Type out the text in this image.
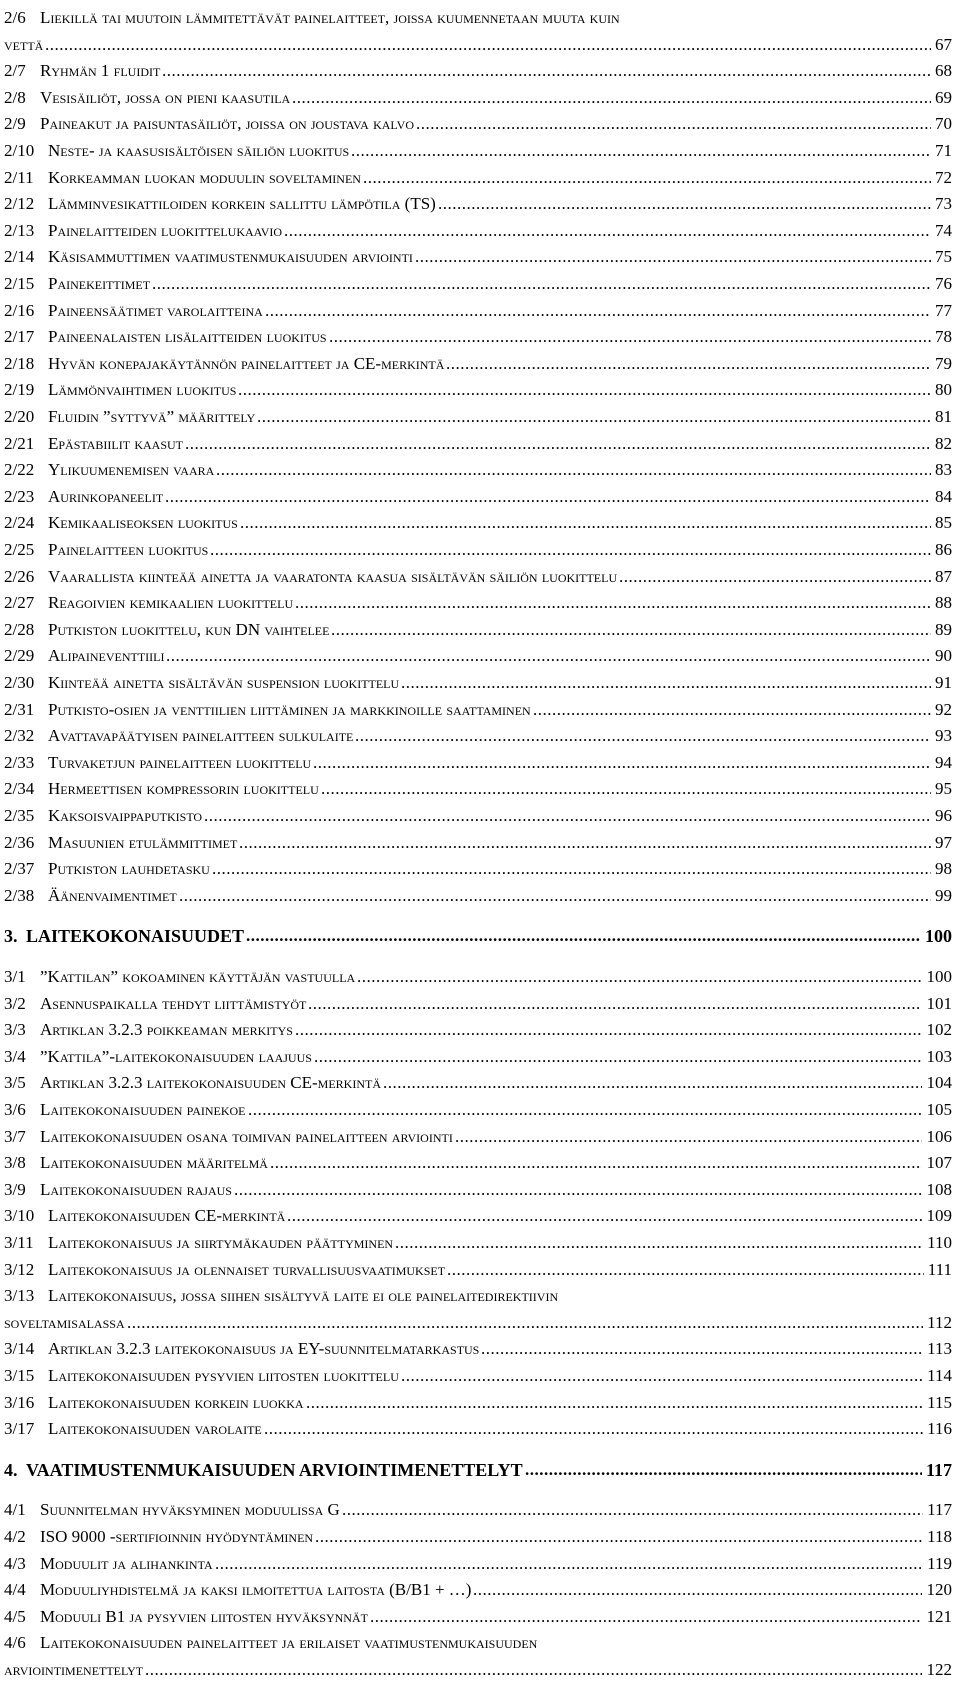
2/6 Liekillä tai muutoin lämmitettävät painelaitteet, joissa kuumennetaan muuta kuin
vettä .....	67
2/7 Ryhmän 1 fluidit .....	68
2/8 Vesisäiliöt, jossa on pieni kaasutila .....	69
2/9 Paineakut ja paisuntasäiliöt, joissa on joustava kalvo .....	70
2/10 Neste- ja kaasusisältöisen säiliön luokitus .....	71
2/11 Korkeamman luokan moduulin soveltaminen .....	72
2/12 Lämminvesikattiloiden korkein sallittu lämpötila (TS) .....	73
2/13 Painelaitteiden luokittelukaavio .....	74
2/14 Käsisammuttimen vaatimustenmukaisuuden arviointi .....	75
2/15 Painekeittimet .....	76
2/16 Paineensäätimet varolaitteina .....	77
2/17 Paineenalaisten lisälaitteiden luokitus .....	78
2/18 Hyvän konepajakäytännön painelaitteet ja CE-merkintä .....	79
2/19 Lämmönvaihtimen luokitus .....	80
2/20 Fluidin ”syttyvä” määrittely .....	81
2/21 Epästabiilit kaasut .....	82
2/22 Ylikuumenemisen vaara .....	83
2/23 Aurinkopaneelit .....	84
2/24 Kemikaaliseoksen luokitus .....	85
2/25 Painelaitteen luokitus .....	86
2/26 Vaarallista kiinteää ainetta ja vaaratonta kaasua sisältävän säiliön luokittelu .....	87
2/27 Reagoivien kemikaalien luokittelu .....	88
2/28 Putkiston luokittelu, kun DN vaihtelee .....	89
2/29 Alipaineventtiili .....	90
2/30 Kiinteää ainetta sisältävän suspension luokittelu .....	91
2/31 Putkisto-osien ja venttiilien liittäminen ja markkinoille saattaminen .....	92
2/32 Avattavapäätyisen painelaitteen sulkulaite .....	93
2/33 Turvaketjun painelaitteen luokittelu .....	94
2/34 Hermeettisen kompressorin luokittelu .....	95
2/35 Kaksoisvaippaputkisto .....	96
2/36 Masuunien etulämmittimet .....	97
2/37 Putkiston lauhdetasku .....	98
2/38 Äänenvaimentimet .....	99
3. LAITEKOKONAISUUDET .....	100
3/1 ”Kattilan” kokoaminen käyttäjän vastuulla .....	100
3/2 Asennuspaikalla tehdyt liittämistyöt .....	101
3/3 Artiklan 3.2.3 poikkeaman merkitys .....	102
3/4 ”Kattila”-laitekokonaisuuden laajuus .....	103
3/5 Artiklan 3.2.3 laitekokonaisuuden CE-merkintä .....	104
3/6 Laitekokonaisuuden painekoe .....	105
3/7 Laitekokonaisuuden osana toimivan painelaitteen arviointi .....	106
3/8 Laitekokonaisuuden määritelmä .....	107
3/9 Laitekokonaisuuden rajaus .....	108
3/10 Laitekokonaisuuden CE-merkintä .....	109
3/11 Laitekokonaisuus ja siirtymäkauden päättyminen .....	110
3/12 Laitekokonaisuus ja olennaiset turvallisuusvaatimukset .....	111
3/13 Laitekokonaisuus, jossa siihen sisältyvä laite ei ole painelaitedirektiivin
soveltamisalassa .....	112
3/14 Artiklan 3.2.3 laitekokonaisuus ja EY-suunnitelmatarkastus .....	113
3/15 Laitekokonaisuuden pysyvien liitosten luokittelu .....	114
3/16 Laitekokonaisuuden korkein luokka .....	115
3/17 Laitekokonaisuuden varolaite .....	116
4. VAATIMUSTENMUKAISUUDEN ARVIOINTIMENETTELYT .....	117
4/1 Suunnitelman hyväksyminen moduulissa G .....	117
4/2 ISO 9000 -sertifioinnin hyödyntäminen .....	118
4/3 Moduulit ja alihankinta .....	119
4/4 Moduuliyhdistelmä ja kaksi ilmoitettua laitosta (B/B1 + …) .....	120
4/5 Moduuli B1 ja pysyvien liitosten hyväksynnät .....	121
4/6 Laitekokonaisuuden painelaitteet ja erilaiset vaatimustenmukaisuuden
arviointimenettelyt .....	122
